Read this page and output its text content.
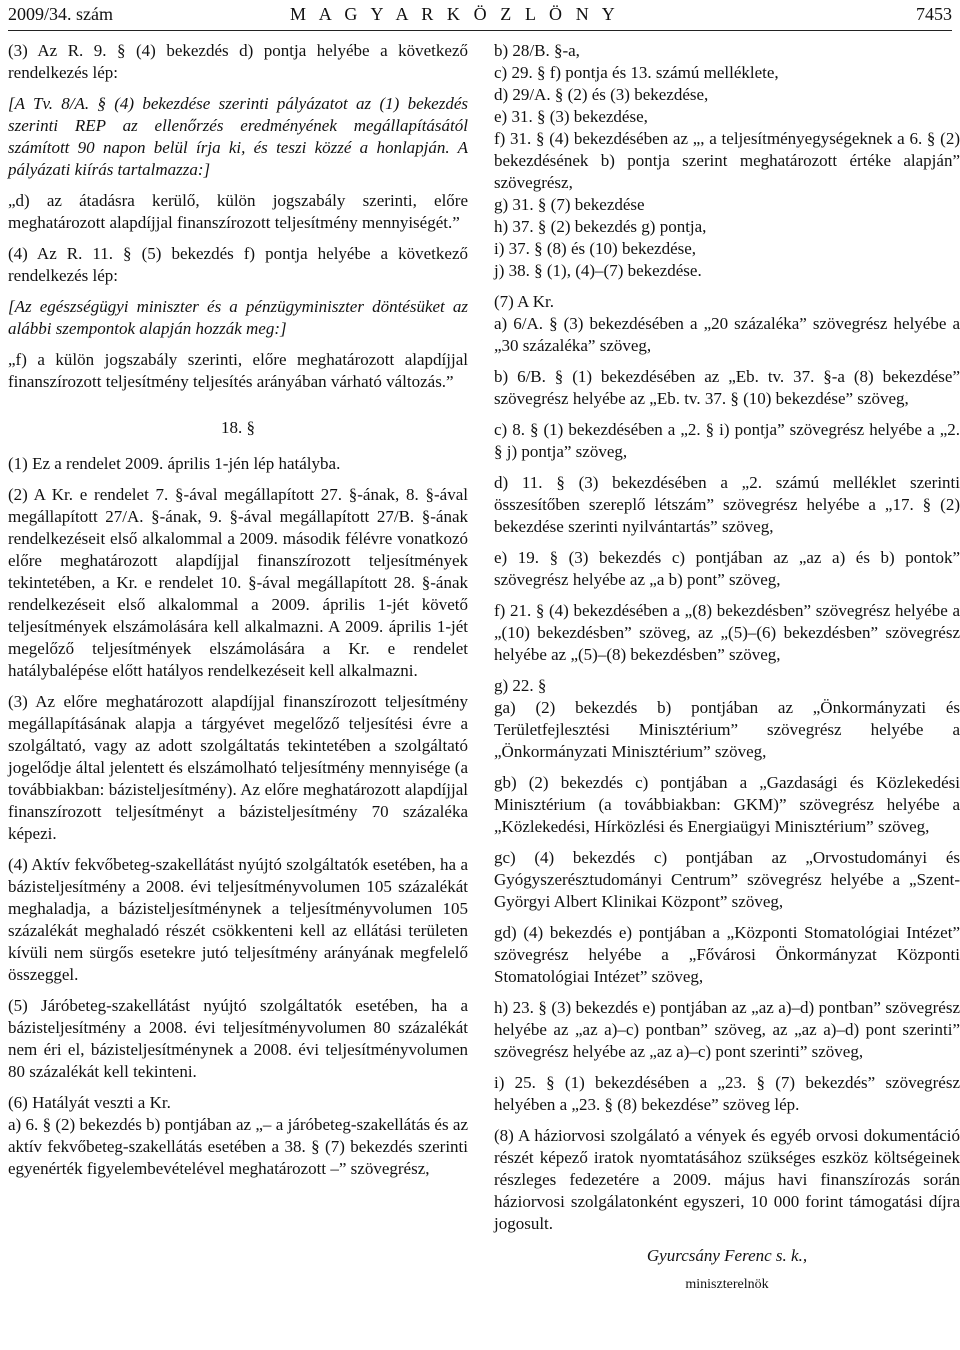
2009/34. szám	M A G Y A R K Ö Z L Ö N Y	7453

(3) Az R. 9. § (4) bekezdés d) pontja helyébe a következő rendelkezés lép:

[A Tv. 8/A. § (4) bekezdése szerinti pályázatot az (1) bekezdés szerinti REP az ellenőrzés eredményének megállapításától számított 90 napon belül írja ki, és teszi közzé a honlapján. A pályázati kiírás tartalmazza:]

„d) az átadásra kerülő, külön jogszabály szerinti, előre meghatározott alapdíjjal finanszírozott teljesítmény mennyiségét.”

(4) Az R. 11. § (5) bekezdés f) pontja helyébe a következő rendelkezés lép:

[Az egészségügyi miniszter és a pénzügyminiszter döntésüket az alábbi szempontok alapján hozzák meg:]

„f) a külön jogszabály szerinti, előre meghatározott alapdíjjal finanszírozott teljesítmény teljesítés arányában várható változás.”

18. §

(1) Ez a rendelet 2009. április 1-jén lép hatályba.

(2) A Kr. e rendelet 7. §-ával megállapított 27. §-ának, 8. §-ával megállapított 27/A. §-ának, 9. §-ával megállapított 27/B. §-ának rendelkezéseit első alkalommal a 2009. második félévre vonatkozó előre meghatározott alapdíjjal finanszírozott teljesítmények tekintetében, a Kr. e rendelet 10. §-ával megállapított 28. §-ának rendelkezéseit első alkalommal a 2009. április 1-jét követő teljesítmények elszámolására kell alkalmazni. A 2009. április 1-jét megelőző teljesítmények elszámolására a Kr. e rendelet hatálybalépése előtt hatályos rendelkezéseit kell alkalmazni.

(3) Az előre meghatározott alapdíjjal finanszírozott teljesítmény megállapításának alapja a tárgyévet megelőző teljesítési évre a szolgáltató, vagy az adott szolgáltatás tekintetében a szolgáltató jogelődje által jelentett és elszámolható teljesítmény mennyisége (a továbbiakban: bázisteljesítmény). Az előre meghatározott alapdíjjal finanszírozott teljesítményt a bázisteljesítmény 70 százaléka képezi.

(4) Aktív fekvőbeteg-szakellátást nyújtó szolgáltatók esetében, ha a bázisteljesítmény a 2008. évi teljesítményvolumen 105 százalékát meghaladja, a bázisteljesítménynek a teljesítményvolumen 105 százalékát meghaladó részét csökkenteni kell az ellátási területen kívüli nem sürgős esetekre jutó teljesítmény arányának megfelelő összeggel.

(5) Járóbeteg-szakellátást nyújtó szolgáltatók esetében, ha a bázisteljesítmény a 2008. évi teljesítményvolumen 80 százalékát nem éri el, bázisteljesítménynek a 2008. évi teljesítményvolumen 80 százalékát kell tekinteni.

(6) Hatályát veszti a Kr.

a) 6. § (2) bekezdés b) pontjában az „– a járóbeteg-szakellátás és az aktív fekvőbeteg-szakellátás esetében a 38. § (7) bekezdés szerinti egyenérték figyelembevételével meghatározott –” szövegrész,

b) 28/B. §-a,

c) 29. § f) pontja és 13. számú melléklete,

d) 29/A. § (2) és (3) bekezdése,

e) 31. § (3) bekezdése,

f) 31. § (4) bekezdésében az „, a teljesítményegységeknek a 6. § (2) bekezdésének b) pontja szerint meghatározott értéke alapján” szövegrész,

g) 31. § (7) bekezdése

h) 37. § (2) bekezdés g) pontja,

i) 37. § (8) és (10) bekezdése,

j) 38. § (1), (4)–(7) bekezdése.

(7) A Kr.

a) 6/A. § (3) bekezdésében a „20 százaléka” szövegrész helyébe a „30 százaléka” szöveg,

b) 6/B. § (1) bekezdésében az „Eb. tv. 37. §-a (8) bekezdése” szövegrész helyébe az „Eb. tv. 37. § (10) bekezdése” szöveg,

c) 8. § (1) bekezdésében a „2. § i) pontja” szövegrész helyébe a „2. § j) pontja” szöveg,

d) 11. § (3) bekezdésében a „2. számú melléklet szerinti összesítőben szereplő létszám” szövegrész helyébe a „17. § (2) bekezdése szerinti nyilvántartás” szöveg,

e) 19. § (3) bekezdés c) pontjában az „az a) és b) pontok” szövegrész helyébe az „a b) pont” szöveg,

f) 21. § (4) bekezdésében a „(8) bekezdésben” szövegrész helyébe a „(10) bekezdésben” szöveg, az „(5)–(6) bekezdésben” szövegrész helyébe az „(5)–(8) bekezdésben” szöveg,

g) 22. §

ga) (2) bekezdés b) pontjában az „Önkormányzati és Területfejlesztési Minisztérium” szövegrész helyébe a „Önkormányzati Minisztérium” szöveg,

gb) (2) bekezdés c) pontjában a „Gazdasági és Közlekedési Minisztérium (a továbbiakban: GKM)” szövegrész helyébe a „Közlekedési, Hírközlési és Energiaügyi Minisztérium” szöveg,

gc) (4) bekezdés c) pontjában az „Orvostudományi és Gyógyszerésztudományi Centrum” szövegrész helyébe a „Szent-Györgyi Albert Klinikai Központ” szöveg,

gd) (4) bekezdés e) pontjában a „Központi Stomatológiai Intézet” szövegrész helyébe a „Fővárosi Önkormányzat Központi Stomatológiai Intézet” szöveg,

h) 23. § (3) bekezdés e) pontjában az „az a)–d) pontban” szövegrész helyébe az „az a)–c) pontban” szöveg, az „az a)–d) pont szerinti” szövegrész helyébe az „az a)–c) pont szerinti” szöveg,

i) 25. § (1) bekezdésében a „23. § (7) bekezdés” szövegrész helyében a „23. § (8) bekezdése” szöveg lép.

(8) A háziorvosi szolgálató a vények és egyéb orvosi dokumentáció részét képező iratok nyomtatásához szükséges eszköz költségeinek részleges fedezetére a 2009. május havi finanszírozás során háziorvosi szolgálatonként egyszeri, 10 000 forint támogatási díjra jogosult.

Gyurcsány Ferenc s. k.,

miniszterelnök
